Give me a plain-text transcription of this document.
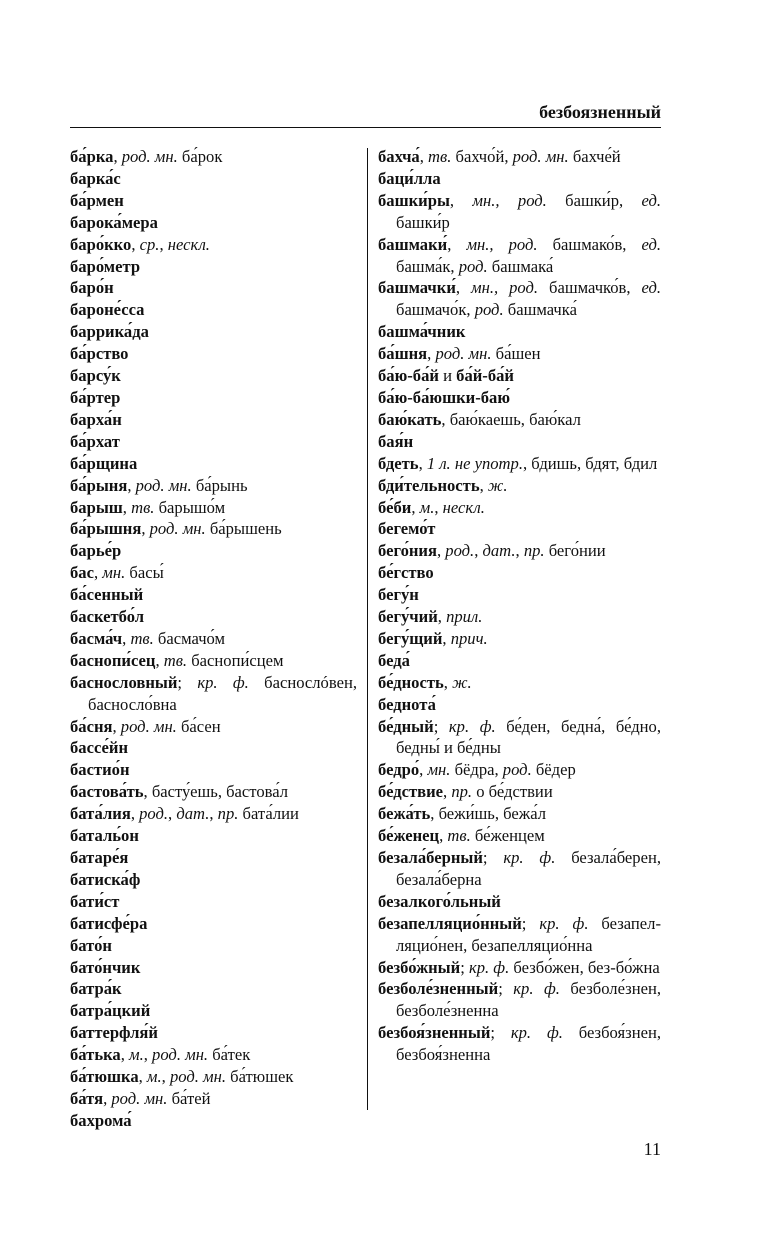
безбоязненный
ба́рка, род. мн. ба́рок
барка́с
ба́рмен
барока́мера
баро́кко, ср., нескл.
баро́метр
баро́н
бароне́сса
баррика́да
ба́рство
барсу́к
ба́ртер
барха́н
ба́рхат
ба́рщина
ба́рыня, род. мн. ба́рынь
барыш, тв. барышо́м
ба́рышня, род. мн. ба́рышень
барье́р
бас, мн. басы́
ба́сенный
баскетбо́л
басма́ч, тв. басмачо́м
баснопи́сец, тв. баснопи́сцем
баснословный; кр. ф. баснослóвен, басносло́вна
ба́сня, род. мн. ба́сен
бассе́йн
бастио́н
бастова́ть, басту́ешь, бастова́л
бата́лия, род., дат., пр. бата́лии
баталь́он
батаре́я
батиска́ф
бати́ст
батисфе́ра
бато́н
бато́нчик
батра́к
батра́цкий
баттерфля́й
ба́тька, м., род. мн. ба́тек
ба́тюшка, м., род. мн. ба́тюшек
ба́тя, род. мн. ба́тей
бахрома́
бахча́, тв. бахчо́й, род. мн. бахче́й
баци́лла
башки́ры, мн., род. башки́р, ед. башки́р
башмаки́, мн., род. башмако́в, ед. башма́к, род. башмака́
башмачки́, мн., род. башмачко́в, ед. башмачо́к, род. башмачка́
башма́чник
ба́шня, род. мн. ба́шен
ба́ю-ба́й и ба́й-ба́й
ба́ю-ба́юшки-баю́
баю́кать, баю́каешь, баю́кал
бая́н
бдеть, 1 л. не употр., бдишь, бдят, бдил
бди́тельность, ж.
бе́би, м., нескл.
бегемо́т
бего́ния, род., дат., пр. бего́нии
бе́гство
бегу́н
бегу́чий, прил.
бегу́щий, прич.
беда́
бе́дность, ж.
беднота́
бе́дный; кр. ф. бе́ден, бедна́, бе́дно, бедны́ и бе́дны
бедро́, мн. бёдра, род. бёдер
бе́дствие, пр. о бе́дствии
бежа́ть, бежи́шь, бежа́л
бе́женец, тв. бе́женцем
безала́берный; кр. ф. безала́берен, безала́берна
безалкого́льный
безапелляцио́нный; кр. ф. безапел-ляцио́нен, безапелляцио́нна
безбо́жный; кр. ф. безбо́жен, без-бо́жна
безболе́зненный; кр. ф. безболе́знен, безболе́зненна
безбоя́зненный; кр. ф. безбоя́знен, безбоя́зненна
11
